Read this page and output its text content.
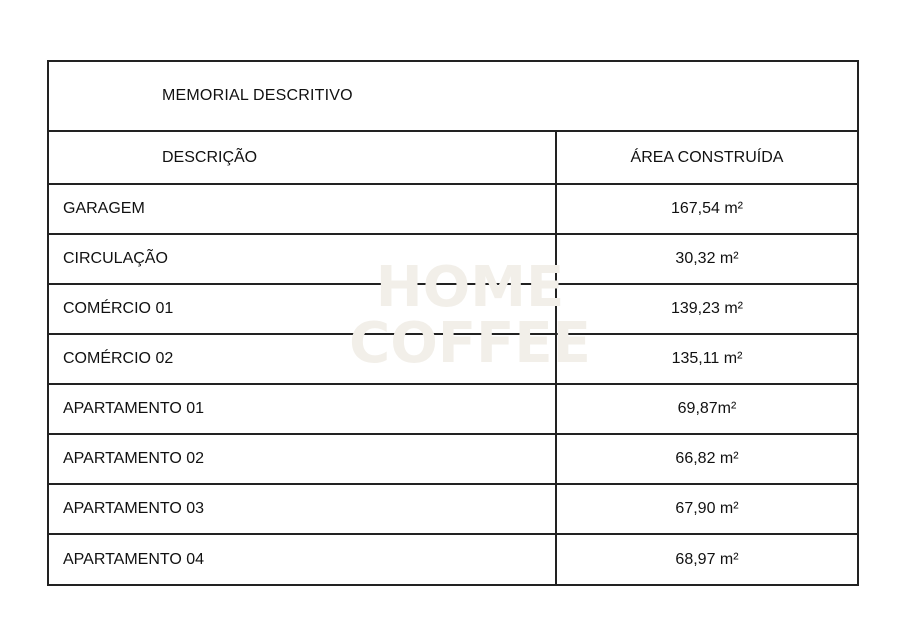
MEMORIAL DESCRITIVO
DESCRIÇÃO	ÁREA CONSTRUÍDA
GARAGEM	167,54 m²
CIRCULAÇÃO	30,32 m²
COMÉRCIO 01	139,23 m²
COMÉRCIO 02	135,11 m²
APARTAMENTO 01	69,87m²
APARTAMENTO 02	66,82 m²
APARTAMENTO 03	67,90 m²
APARTAMENTO 04	68,97 m²
HOME
COFFEE
